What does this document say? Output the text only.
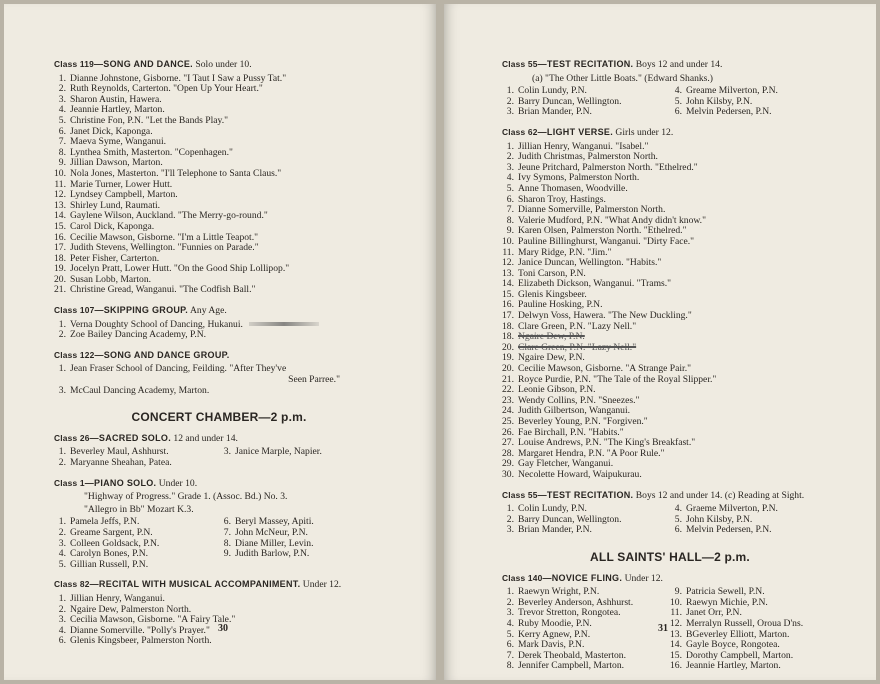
Class 119—SONG AND DANCE. Solo under 10.
1. Dianne Johnstone, Gisborne. "I Taut I Saw a Pussy Tat."
2. Ruth Reynolds, Carterton. "Open Up Your Heart."
3. Sharon Austin, Hawera.
4. Jeannie Hartley, Marton.
5. Christine Fon, P.N. "Let the Bands Play."
6. Janet Dick, Kaponga.
7. Maeva Syme, Wanganui.
8. Lynthea Smith, Masterton. "Copenhagen."
9. Jillian Dawson, Marton.
10. Nola Jones, Masterton. "I'll Telephone to Santa Claus."
11. Marie Turner, Lower Hutt.
12. Lyndsey Campbell, Marton.
13. Shirley Lund, Raumati.
14. Gaylene Wilson, Auckland. "The Merry-go-round."
15. Carol Dick, Kaponga.
16. Cecilie Mawson, Gisborne. "I'm a Little Teapot."
17. Judith Stevens, Wellington. "Funnies on Parade."
18. Peter Fisher, Carterton.
19. Jocelyn Pratt, Lower Hutt. "On the Good Ship Lollipop."
20. Susan Lobb, Marton.
21. Christine Gread, Wanganui. "The Codfish Ball."
Class 107—SKIPPING GROUP. Any Age.
1. Verna Doughty School of Dancing, Hukanui.
2. Zoe Bailey Dancing Academy, P.N.
Class 122—SONG AND DANCE GROUP.
1. Jean Fraser School of Dancing, Feilding. "After They've
Seen Parree."
3. McCaul Dancing Academy, Marton.
CONCERT CHAMBER—2 p.m.
Class 26—SACRED SOLO. 12 and under 14.
1. Beverley Maul, Ashhurst.
2. Maryanne Sheahan, Patea.
3. Janice Marple, Napier.
Class 1—PIANO SOLO. Under 10.
"Highway of Progress." Grade 1. (Assoc. Bd.) No. 3.
"Allegro in Bb" Mozart K.3.
1. Pamela Jeffs, P.N.
2. Greame Sargent, P.N.
3. Colleen Goldsack, P.N.
4. Carolyn Bones, P.N.
5. Gillian Russell, P.N.
6. Beryl Massey, Apiti.
7. John McNeur, P.N.
8. Diane Miller, Levin.
9. Judith Barlow, P.N.
Class 82—RECITAL WITH MUSICAL ACCOMPANIMENT. Under 12.
1. Jillian Henry, Wanganui.
2. Ngaire Dew, Palmerston North.
3. Cecilia Mawson, Gisborne. "A Fairy Tale."
4. Dianne Somerville. "Polly's Prayer."
6. Glenis Kingsbeer, Palmerston North.
30
Class 55—TEST RECITATION. Boys 12 and under 14.
(a) "The Other Little Boats." (Edward Shanks.)
1. Colin Lundy, P.N.
2. Barry Duncan, Wellington.
3. Brian Mander, P.N.
4. Greame Milverton, P.N.
5. John Kilsby, P.N.
6. Melvin Pedersen, P.N.
Class 62—LIGHT VERSE. Girls under 12.
1. Jillian Henry, Wanganui. "Isabel."
2. Judith Christmas, Palmerston North.
3. Jeune Pritchard, Palmerston North. "Ethelred."
4. Ivy Symons, Palmerston North.
5. Anne Thomasen, Woodville.
6. Sharon Troy, Hastings.
7. Dianne Somerville, Palmerston North.
8. Valerie Mudford, P.N. "What Andy didn't know."
9. Karen Olsen, Palmerston North. "Ethelred."
10. Pauline Billinghurst, Wanganui. "Dirty Face."
11. Mary Ridge, P.N. "Jim."
12. Janice Duncan, Wellington. "Habits."
13. Toni Carson, P.N.
14. Elizabeth Dickson, Wanganui. "Trams."
15. Glenis Kingsbeer.
16. Pauline Hosking, P.N.
17. Delwyn Voss, Hawera. "The New Duckling."
18. Clare Green, P.N. "Lazy Nell."
18. Ngaire Dew, P.N.
20. Clare Green, P.N. "Lazy Nell."
19. Ngaire Dew, P.N.
20. Cecilie Mawson, Gisborne. "A Strange Pair."
21. Royce Purdie, P.N. "The Tale of the Royal Slipper."
22. Leonie Gibson, P.N.
23. Wendy Collins, P.N. "Sneezes."
24. Judith Gilbertson, Wanganui.
25. Beverley Young, P.N. "Forgiven."
26. Fae Birchall, P.N. "Habits."
27. Louise Andrews, P.N. "The King's Breakfast."
28. Margaret Hendra, P.N. "A Poor Rule."
29. Gay Fletcher, Wanganui.
30. Necolette Howard, Waipukurau.
Class 55—TEST RECITATION. Boys 12 and under 14. (c) Reading at Sight.
1. Colin Lundy, P.N.
2. Barry Duncan, Wellington.
3. Brian Mander, P.N.
4. Graeme Milverton, P.N.
5. John Kilsby, P.N.
6. Melvin Pedersen, P.N.
ALL SAINTS' HALL—2 p.m.
Class 140—NOVICE FLING. Under 12.
1. Raewyn Wright, P.N.
2. Beverley Anderson, Ashhurst.
3. Trevor Stretton, Rongotea.
4. Ruby Moodie, P.N.
5. Kerry Agnew, P.N.
6. Mark Davis, P.N.
7. Derek Theobald, Masterton.
8. Jennifer Campbell, Marton.
9. Patricia Sewell, P.N.
10. Raewyn Michie, P.N.
11. Janet Orr, P.N.
12. Merralyn Russell, Oroua D'ns.
13. BGeverley Elliott, Marton.
14. Gayle Boyce, Rongotea.
15. Dorothy Campbell, Marton.
16. Jeannie Hartley, Marton.
31
